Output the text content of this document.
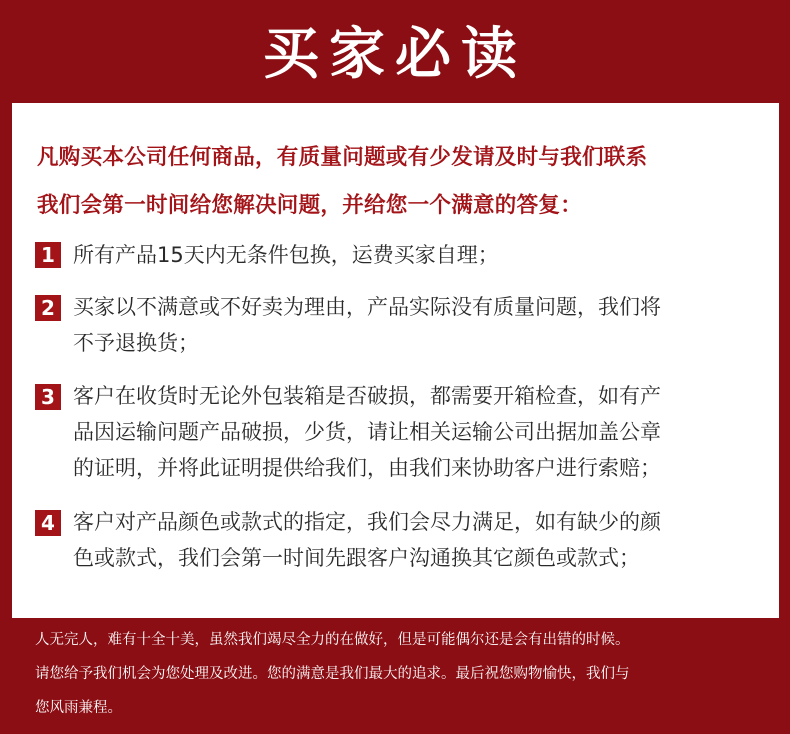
买家必读
凡购买本公司任何商品，有质量问题或有少发请及时与我们联系
我们会第一时间给您解决问题，并给您一个满意的答复：
1 所有产品15天内无条件包换，运费买家自理；
2 买家以不满意或不好卖为理由，产品实际没有质量问题，我们将
不予退换货；
3 客户在收货时无论外包装箱是否破损，都需要开箱检查，如有产
品因运输问题产品破损，少货，请让相关运输公司出据加盖公章
的证明，并将此证明提供给我们，由我们来协助客户进行索赔；
4 客户对产品颜色或款式的指定，我们会尽力满足，如有缺少的颜
色或款式，我们会第一时间先跟客户沟通换其它颜色或款式；
人无完人，难有十全十美，虽然我们竭尽全力的在做好，但是可能偶尔还是会有出错的时候。
请您给予我们机会为您处理及改进。您的满意是我们最大的追求。最后祝您购物愉快，我们与
您风雨兼程。
